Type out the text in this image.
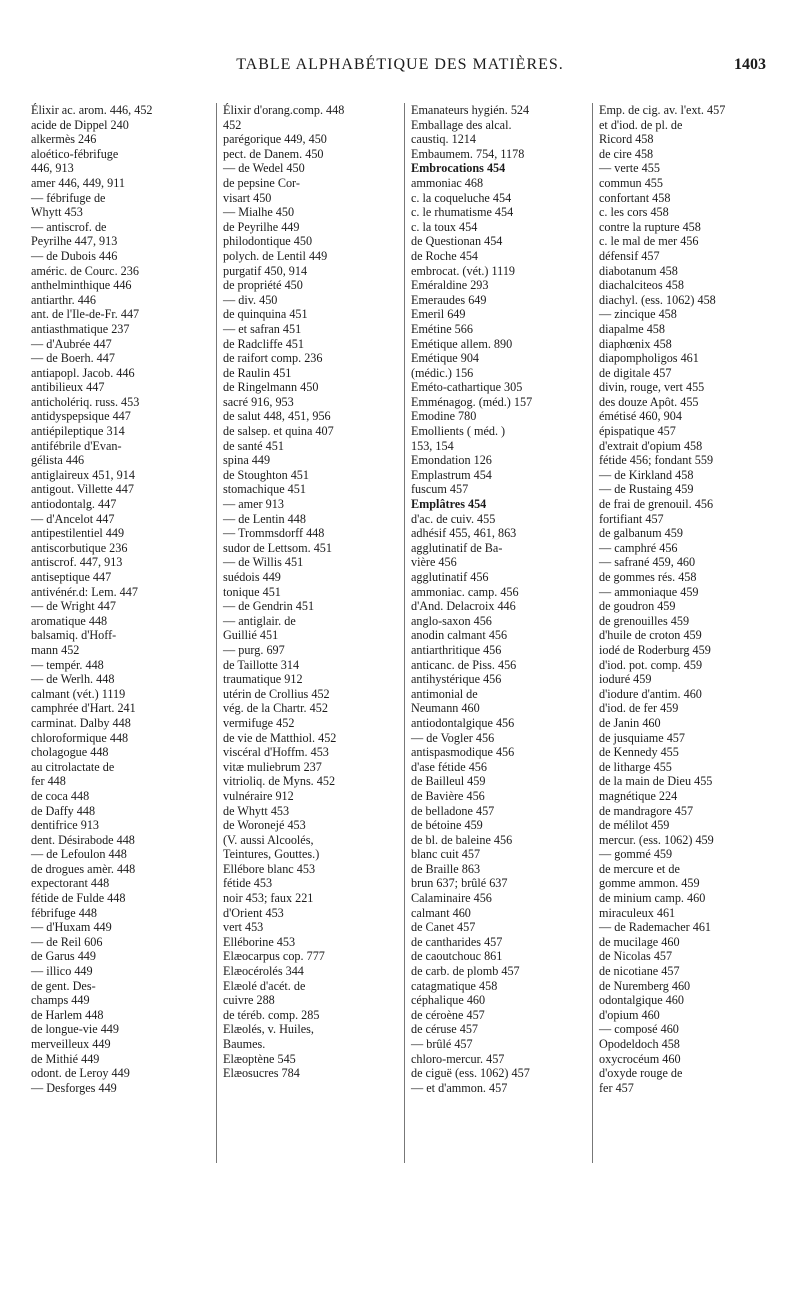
TABLE ALPHABÉTIQUE DES MATIÈRES.	1403
Élixir ac. arom. 446, 452
acide de Dippel 240
alkermès 246
aloético-fébrifuge
446, 913
amer 446, 449, 911
— fébrifuge de
Whytt 453
— antiscrof. de
Peyrilhe 447, 913
— de Dubois 446
améric. de Courc. 236
anthelminthique 446
antiarthr. 446
ant. de l'Ile-de-Fr. 447
antiasthmatique 237
— d'Aubrée 447
— de Boerh. 447
antiapopl. Jacob. 446
antibilieux 447
anticholériq. russ. 453
antidyspepsique 447
antiépileptique 314
antifébrile d'Evan-
gélista 446
antiglaireux 451, 914
antigout. Villette 447
antiodontalg. 447
— d'Ancelot 447
antipestilentiel 449
antiscorbutique 236
antiscrof. 447, 913
antiseptique 447
antivénér.d: Lem. 447
— de Wright 447
aromatique 448
balsamiq. d'Hoff-
mann 452
— tempér. 448
— de Werlh. 448
calmant (vét.) 1119
camphrée d'Hart. 241
carminat. Dalby 448
chloroformique 448
cholagogue 448
au citrolactate de
fer 448
de coca 448
de Daffy 448
dentifrice 913
dent. Désirabode 448
— de Lefoulon 448
de drogues amèr. 448
expectorant 448
fétide de Fulde 448
fébrifuge 448
— d'Huxam 449
— de Reil 606
de Garus 449
— illico 449
de gent. Des-
champs 449
de Harlem 448
de longue-vie 449
merveilleux 449
de Mithié 449
odont. de Leroy 449
— Desforges 449
Élixir d'orang.comp. 448
452
parégorique 449, 450
pect. de Danem. 450
— de Wedel 450
de pepsine Cor-
visart 450
— Mialhe 450
de Peyrilhe 449
philodontique 450
polych. de Lentil 449
purgatif 450, 914
de propriété 450
— div. 450
de quinquina 451
— et safran 451
de Radcliffe 451
de raifort comp. 236
de Raulin 451
de Ringelmann 450
sacré 916, 953
de salut 448, 451, 956
de salsep. et quina 407
de santé 451
spina 449
de Stoughton 451
stomachique 451
— amer 913
— de Lentin 448
— Trommsdorff 448
sudor de Lettsom. 451
— de Willis 451
suédois 449
tonique 451
— de Gendrin 451
— antiglair. de
Guillié 451
— purg. 697
de Taillotte 314
traumatique 912
utérin de Crollius 452
vég. de la Chartr. 452
vermifuge 452
de vie de Matthiol. 452
viscéral d'Hoffm. 453
vitæ muliebrum 237
vitrioliq. de Myns. 452
vulnéraire 912
de Whytt 453
de Woronejé 453
(V. aussi Alcoolés,
Teintures, Gouttes.)
Ellébore blanc 453
fétide 453
noir 453; faux 221
d'Orient 453
vert 453
Elléborine 453
Elæocarpus cop. 777
Elæocérolés 344
Elæolé d'acét. de
cuivre 288
de téréb. comp. 285
Elæolés, v. Huiles,
Baumes.
Elæoptène 545
Elæosucres 784
Emanateurs hygién. 524
Emballage des alcal.
caustiq. 1214
Embaumem. 754, 1178
Embrocations 454
ammoniac 468
c. la coqueluche 454
c. le rhumatisme 454
c. la toux 454
de Questionan 454
de Roche 454
embrocat. (vét.) 1119
Eméraldine 293
Emeraudes 649
Emeril 649
Emétine 566
Emétique allem. 890
Emétique 904
(médic.) 156
Eméto-cathartique 305
Emménagog. (méd.) 157
Emodine 780
Emollients ( méd. )
153, 154
Emondation 126
Emplastrum 454
fuscum 457
Emplâtres 454
d'ac. de cuiv. 455
adhésif 455, 461, 863
agglutinatif de Ba-
vière 456
agglutinatif 456
ammoniac. camp. 456
d'And. Delacroix 446
anglo-saxon 456
anodin calmant 456
antiarthritique 456
anticanc. de Piss. 456
antihystérique 456
antimonial de
Neumann 460
antiodontalgique 456
— de Vogler 456
antispasmodique 456
d'ase fétide 456
de Bailleul 459
de Bavière 456
de belladone 457
de bétoine 459
de bl. de baleine 456
blanc cuit 457
de Braille 863
brun 637; brûlé 637
Calaminaire 456
calmant 460
de Canet 457
de cantharides 457
de caoutchouc 861
de carb. de plomb 457
catagmatique 458
céphalique 460
de céroène 457
de céruse 457
— brûlé 457
chloro-mercur. 457
de ciguë (ess. 1062) 457
— et d'ammon. 457
Emp. de cig. av. l'ext. 457
et d'iod. de pl. de
Ricord 458
de cire 458
— verte 455
commun 455
confortant 458
c. les cors 458
contre la rupture 458
c. le mal de mer 456
défensif 457
diabotanum 458
diachalciteos 458
diachyl. (ess. 1062) 458
— zincique 458
diapalme 458
diaphœnix 458
diapompholigos 461
de digitale 457
divin, rouge, vert 455
des douze Apôt. 455
émétisé 460, 904
épispatique 457
d'extrait d'opium 458
fétide 456; fondant 559
— de Kirkland 458
— de Rustaing 459
de frai de grenouil. 456
fortifiant 457
de galbanum 459
— camphré 456
— safrané 459, 460
de gommes rés. 458
— ammoniaque 459
de goudron 459
de grenouilles 459
d'huile de croton 459
iodé de Roderburg 459
d'iod. pot. comp. 459
ioduré 459
d'iodure d'antim. 460
d'iod. de fer 459
de Janin 460
de jusquiame 457
de Kennedy 455
de litharge 455
de la main de Dieu 455
magnétique 224
de mandragore 457
de mélilot 459
mercur. (ess. 1062) 459
— gommé 459
de mercure et de
gomme ammon. 459
de minium camp. 460
miraculeux 461
— de Rademacher 461
de mucilage 460
de Nicolas 457
de nicotiane 457
de Nuremberg 460
odontalgique 460
d'opium 460
— composé 460
Opodeldoch 458
oxycrocéum 460
d'oxyde rouge de
fer 457
